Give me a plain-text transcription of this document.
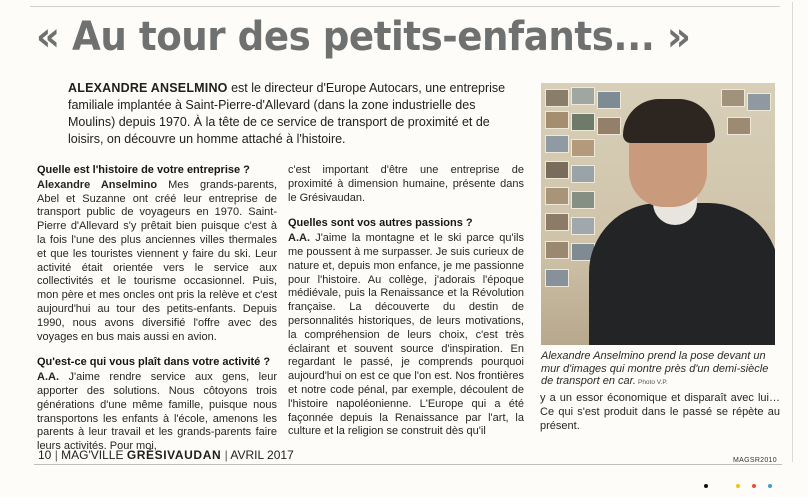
« Au tour des petits-enfants... »
ALEXANDRE ANSELMINO est le directeur d'Europe Autocars, une entreprise familiale implantée à Saint-Pierre-d'Allevard (dans la zone industrielle des Moulins) depuis 1970. À la tête de ce service de transport de proximité et de loisirs, on découvre un homme attaché à l'histoire.
Quelle est l'histoire de votre entreprise ?
Alexandre Anselmino Mes grands-parents, Abel et Suzanne ont créé leur entreprise de transport public de voyageurs en 1970. Saint-Pierre d'Allevard s'y prêtait bien puisque c'est à la fois l'une des plus anciennes villes thermales et que les touristes viennent y faire du ski. Leur activité était orientée vers le service aux collectivités et le tourisme occasionnel. Puis, mon père et mes oncles ont pris la relève et c'est aujourd'hui au tour des petits-enfants. Depuis 1990, nous avons diversifié l'offre avec des voyages en bus mais aussi en avion.
Qu'est-ce qui vous plaît dans votre activité ?
A.A. J'aime rendre service aux gens, leur apporter des solutions. Nous côtoyons trois générations d'une même famille, puisque nous transportons les enfants à l'école, amenons les parents à leur travail et les grands-parents faire leurs activités. Pour moi,
c'est important d'être une entreprise de proximité à dimension humaine, présente dans le Grésivaudan.
Quelles sont vos autres passions ?
A.A. J'aime la montagne et le ski parce qu'ils me poussent à me surpasser. Je suis curieux de nature et, depuis mon enfance, je me passionne pour l'histoire. Au collège, j'adorais l'époque médiévale, puis la Renaissance et la Révolution française. La découverte du destin de personnalités historiques, de leurs motivations, la compréhension de leurs choix, c'est très éclairant et souvent source d'inspiration. En regardant le passé, je comprends pourquoi aujourd'hui on est ce que l'on est. Nos frontières et notre code pénal, par exemple, découlent de l'histoire napoléonienne. L'Europe qui a été façonnée depuis la Renaissance par l'art, la culture et la religion se construit dès qu'il
Alexandre Anselmino prend la pose devant un mur d'images qui montre près d'un demi-siècle de transport en car. Photo V.P.
y a un essor économique et disparaît avec lui… Ce qui s'est produit dans le passé se répète au présent.
10 | MAG'VILLE GRÉSIVAUDAN | AVRIL 2017	MAGSR2010
